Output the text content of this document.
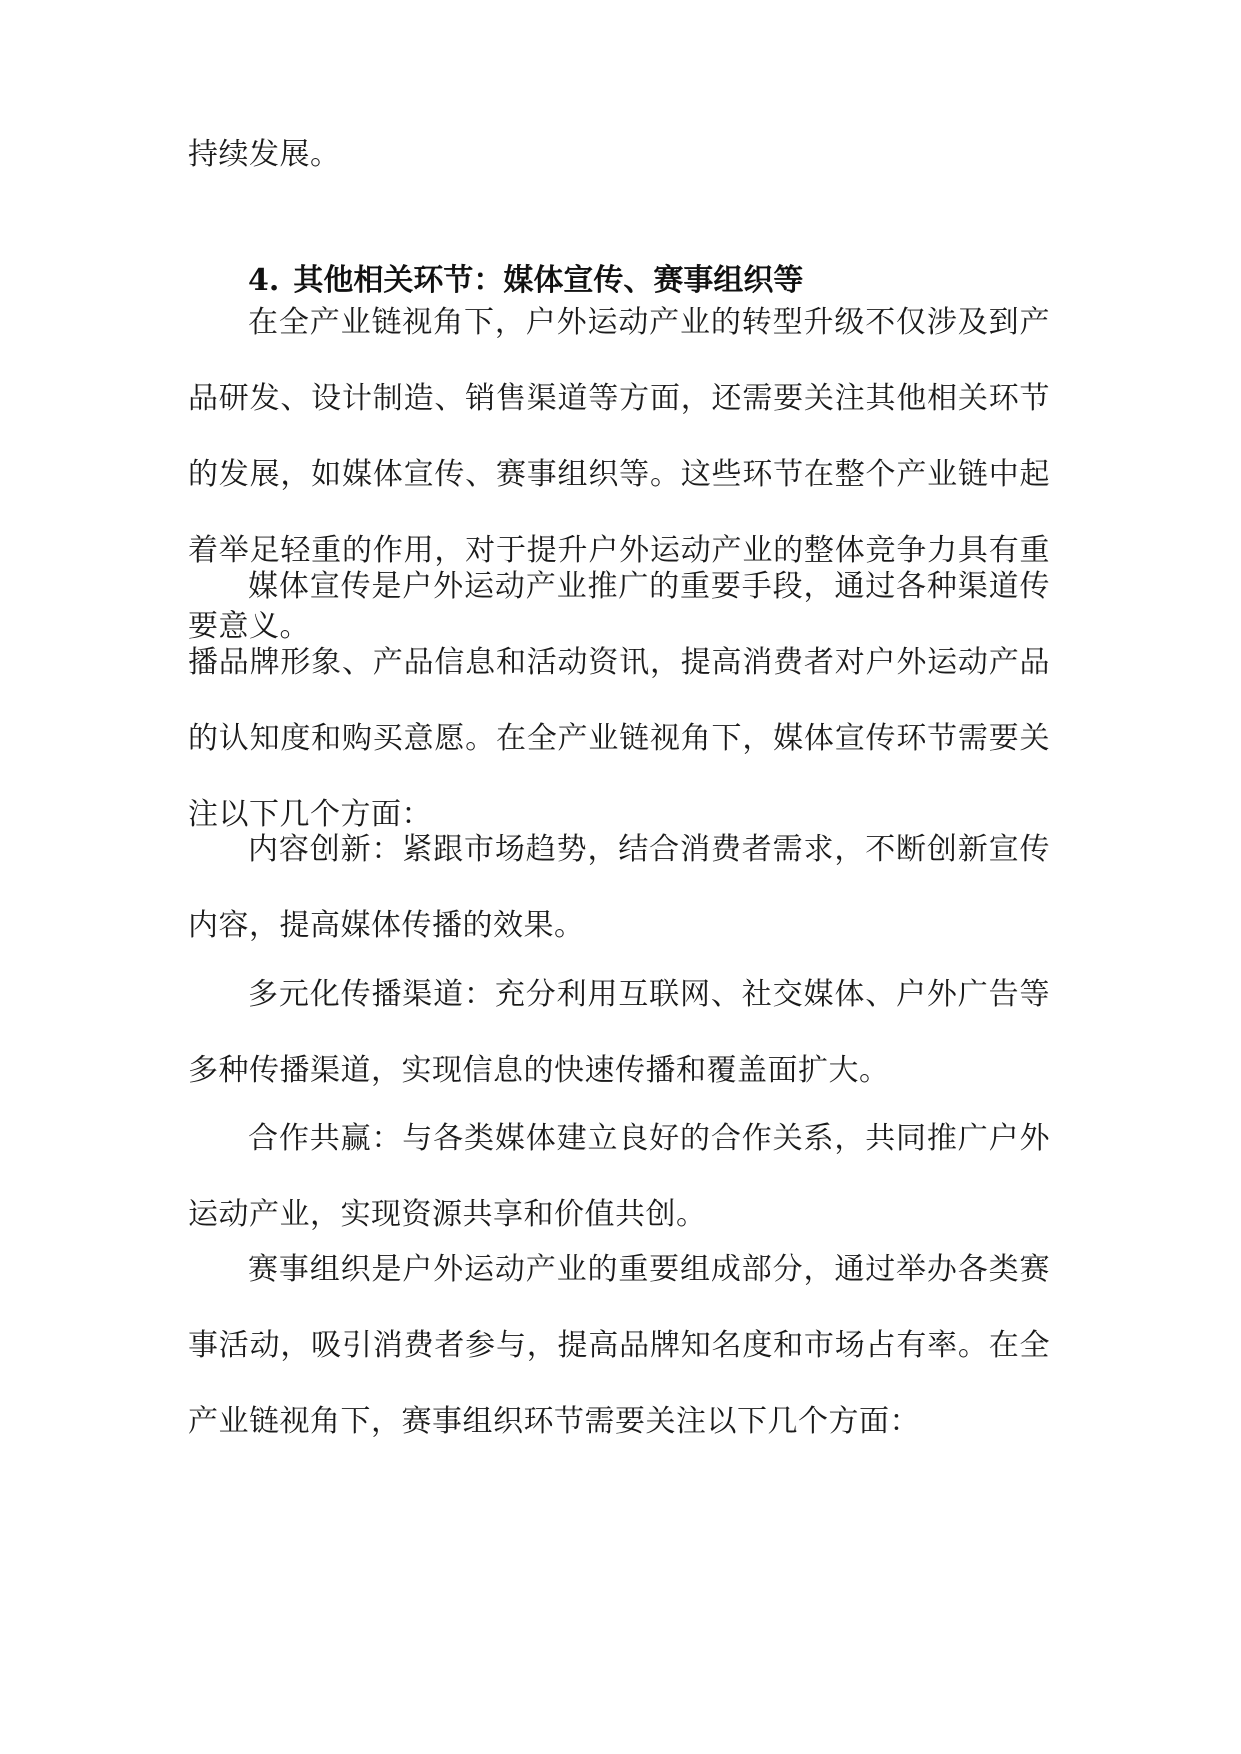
持续发展。
4. 其他相关环节：媒体宣传、赛事组织等
在全产业链视角下，户外运动产业的转型升级不仅涉及到产品研发、设计制造、销售渠道等方面，还需要关注其他相关环节的发展，如媒体宣传、赛事组织等。这些环节在整个产业链中起着举足轻重的作用，对于提升户外运动产业的整体竞争力具有重要意义。
媒体宣传是户外运动产业推广的重要手段，通过各种渠道传播品牌形象、产品信息和活动资讯，提高消费者对户外运动产品的认知度和购买意愿。在全产业链视角下，媒体宣传环节需要关注以下几个方面：
内容创新：紧跟市场趋势，结合消费者需求，不断创新宣传内容，提高媒体传播的效果。
多元化传播渠道：充分利用互联网、社交媒体、户外广告等多种传播渠道，实现信息的快速传播和覆盖面扩大。
合作共赢：与各类媒体建立良好的合作关系，共同推广户外运动产业，实现资源共享和价值共创。
赛事组织是户外运动产业的重要组成部分，通过举办各类赛事活动，吸引消费者参与，提高品牌知名度和市场占有率。在全产业链视角下，赛事组织环节需要关注以下几个方面：
